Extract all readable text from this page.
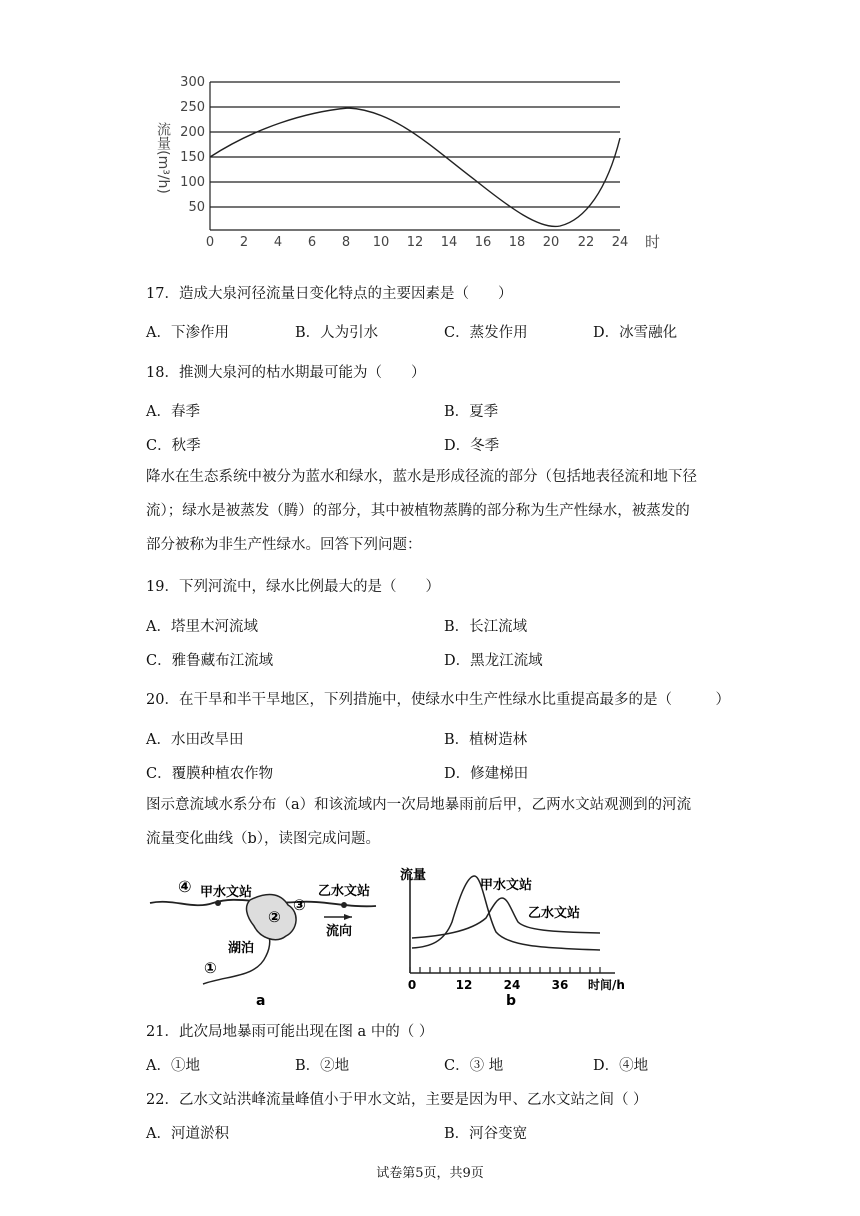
300
250
200
150
100
50
0 2 4 6 8 10 12 14 16 18 20 22 24 时
流量(m³/h)
17．造成大泉河径流量日变化特点的主要因素是（　　）
A．下渗作用	B．人为引水	C．蒸发作用	D．冰雪融化
18．推测大泉河的枯水期最可能为（　　）
A．春季	B．夏季
C．秋季	D．冬季
降水在生态系统中被分为蓝水和绿水，蓝水是形成径流的部分（包括地表径流和地下径
流）；绿水是被蒸发（腾）的部分，其中被植物蒸腾的部分称为生产性绿水，被蒸发的
部分被称为非生产性绿水。回答下列问题：
19．下列河流中，绿水比例最大的是（　　）
A．塔里木河流域	B．长江流域
C．雅鲁藏布江流域	D．黑龙江流域
20．在干旱和半干旱地区，下列措施中，使绿水中生产性绿水比重提高最多的是（　　　）
A．水田改旱田	B．植树造林
C．覆膜种植农作物	D．修建梯田
图示意流域水系分布（a）和该流域内一次局地暴雨前后甲，乙两水文站观测到的河流
流量变化曲线（b），读图完成问题。
④ 甲水文站	乙水文站
③
②
流向
湖泊
①
a
流量
甲水文站
乙水文站
0	12	24	36 时间/h
b
21．此次局地暴雨可能出现在图 a 中的（ ）
A．①地	B．②地	C．③ 地	D．④地
22．乙水文站洪峰流量峰值小于甲水文站，主要是因为甲、乙水文站之间（ ）
A．河道淤积	B．河谷变宽
试卷第5页，共9页
